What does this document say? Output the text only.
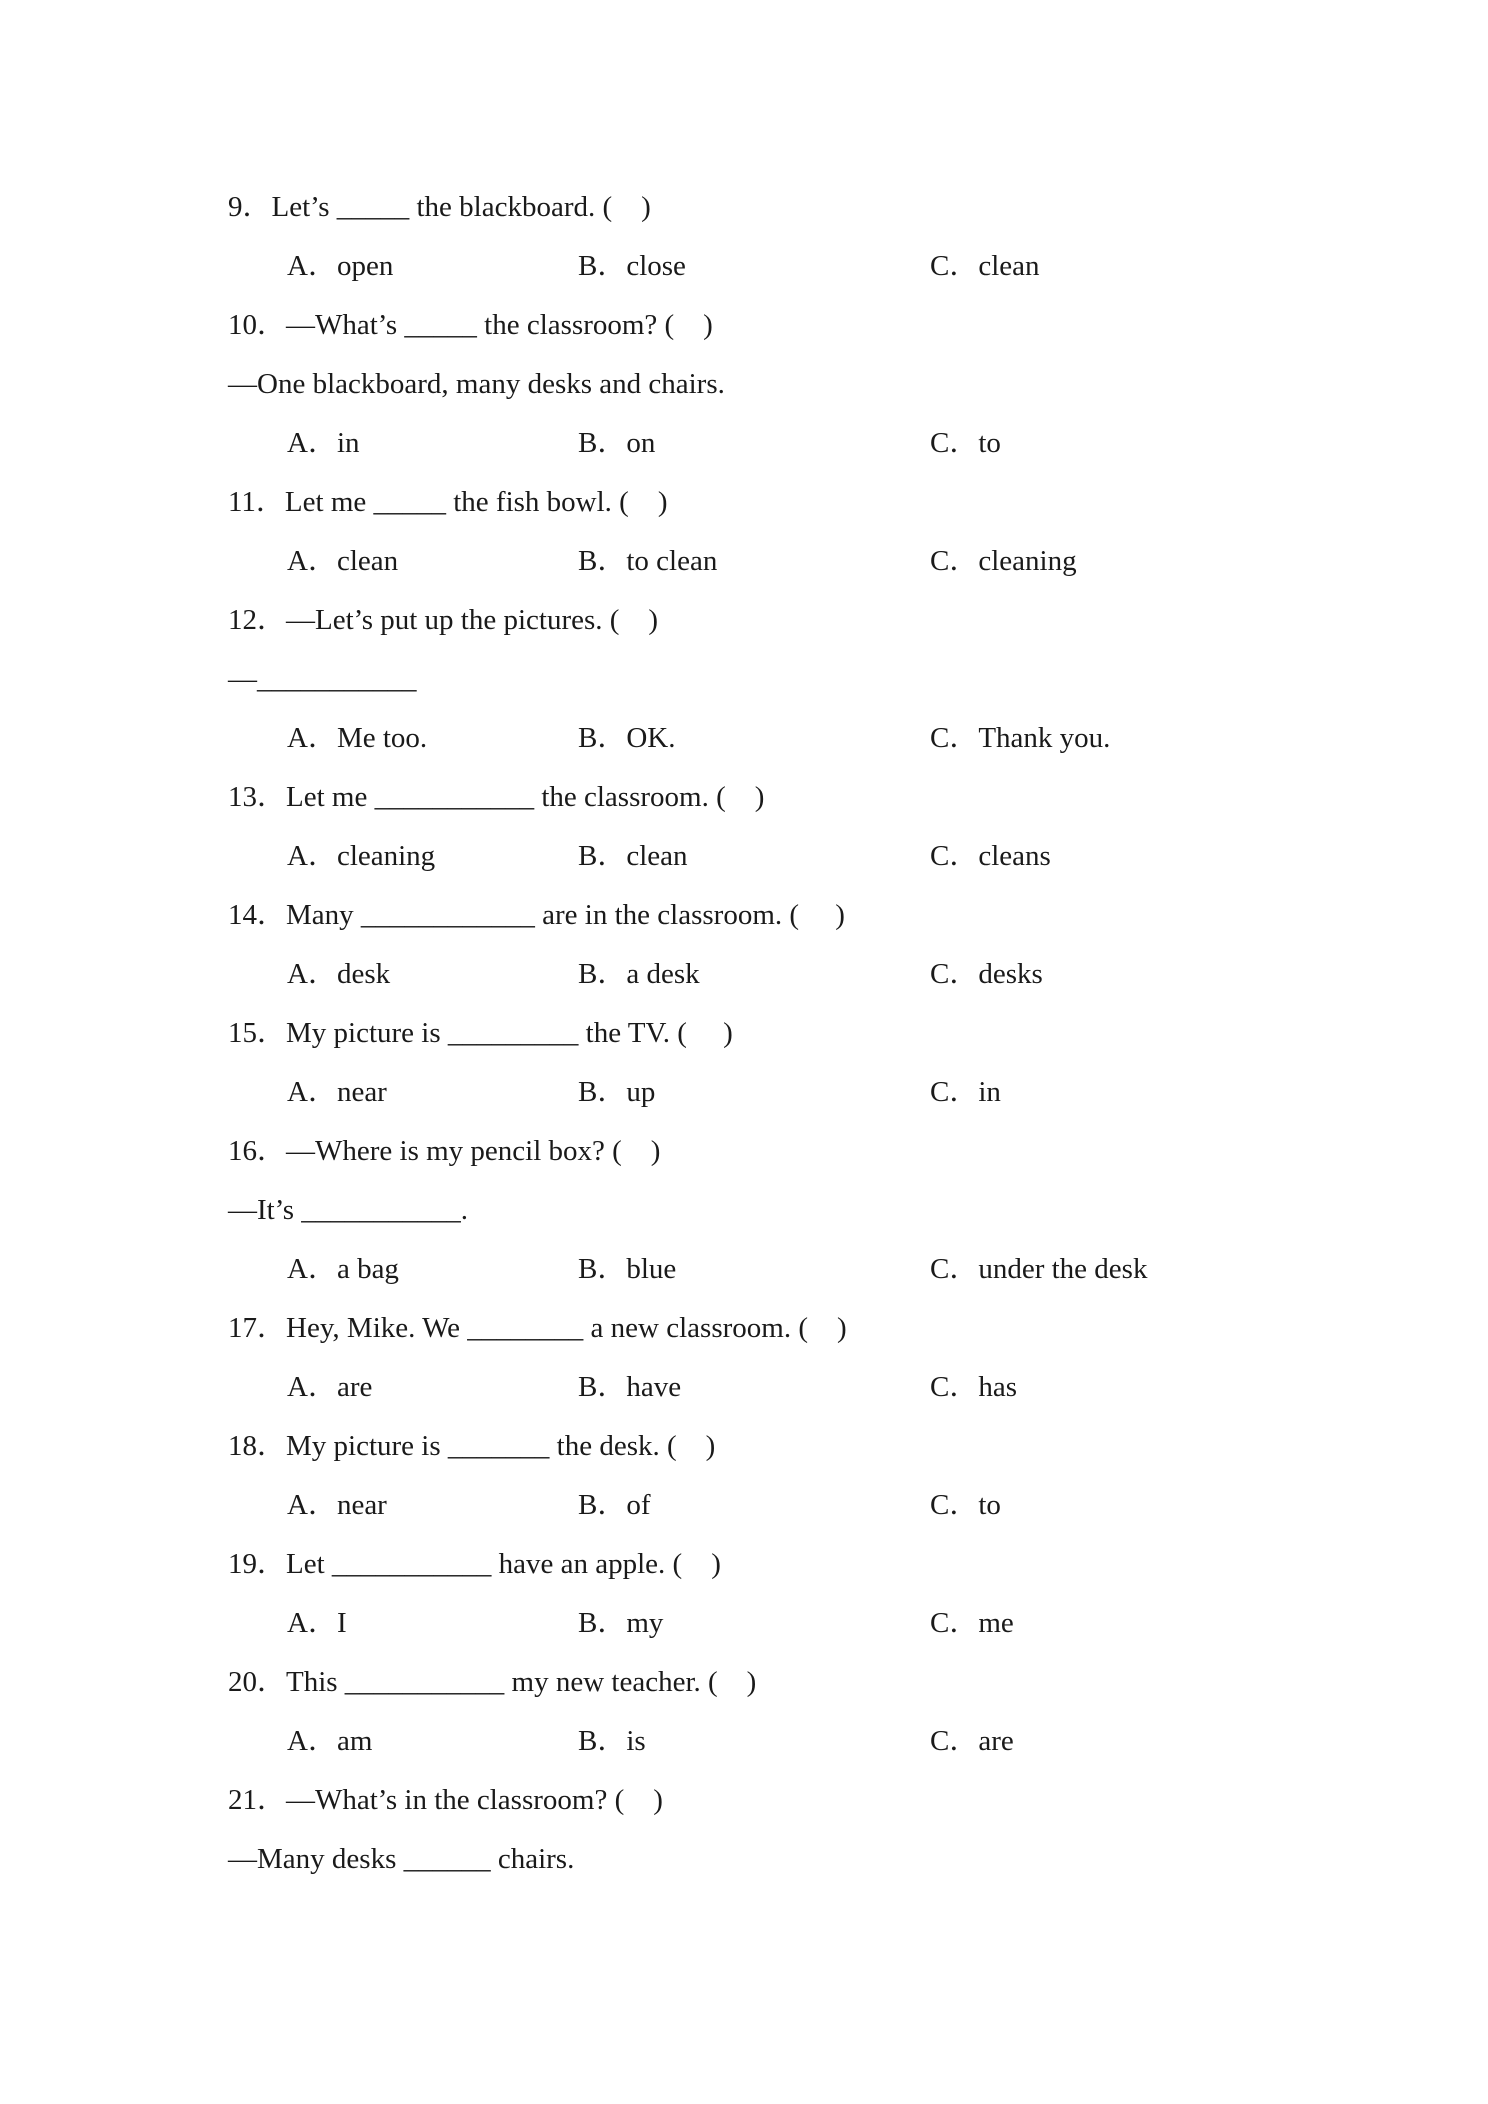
9．Let’s _____ the blackboard. (    )
A．open	B．close	C．clean
10．—What’s _____ the classroom? (    )
—One blackboard, many desks and chairs.
A．in	B．on	C．to
11．Let me _____ the fish bowl. (    )
A．clean	B．to clean	C．cleaning
12．—Let’s put up the pictures. (    )
—___________
A．Me too.	B．OK.	C．Thank you.
13．Let me ___________ the classroom. (    )
A．cleaning	B．clean	C．cleans
14．Many ____________ are in the classroom. (     )
A．desk	B．a desk	C．desks
15．My picture is _________ the TV. (     )
A．near	B．up	C．in
16．—Where is my pencil box? (    )
—It’s ___________.
A．a bag	B．blue	C．under the desk
17．Hey, Mike. We ________ a new classroom. (    )
A．are	B．have	C．has
18．My picture is _______ the desk. (    )
A．near	B．of	C．to
19．Let ___________ have an apple. (    )
A．I	B．my	C．me
20．This ___________ my new teacher. (    )
A．am	B．is	C．are
21．—What’s in the classroom? (    )
—Many desks ______ chairs.
